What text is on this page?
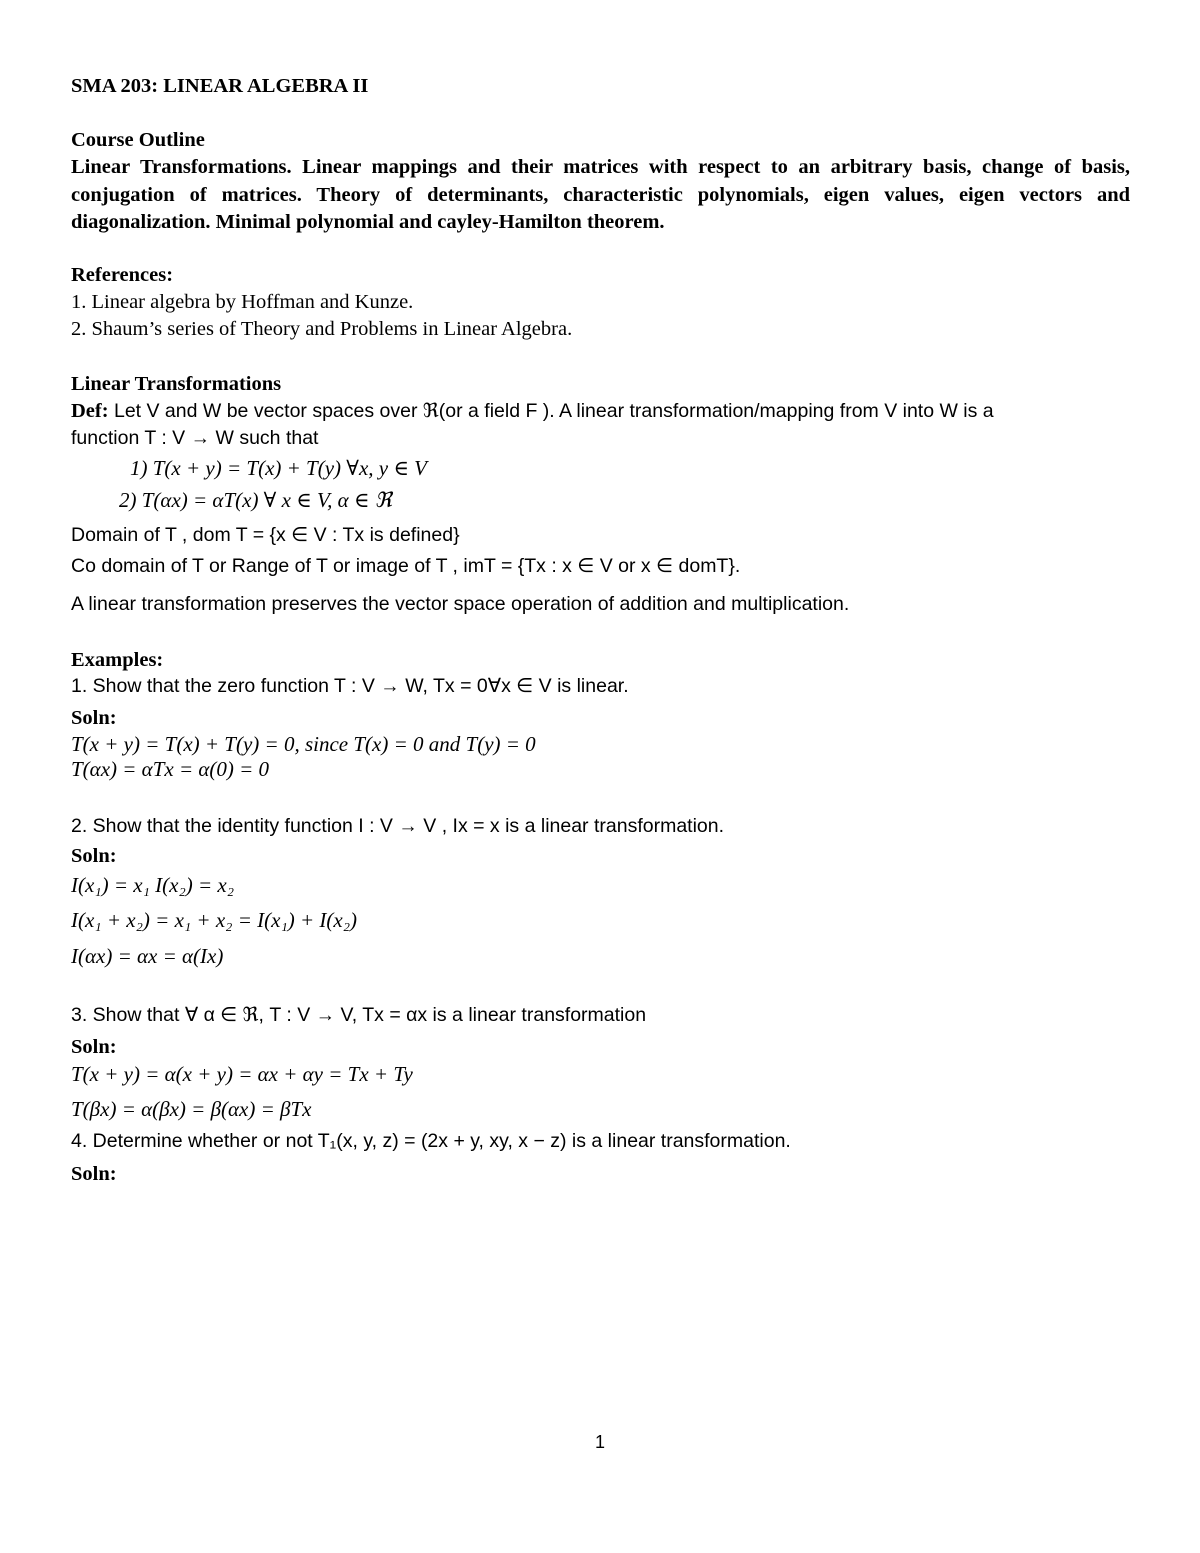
SMA 203: LINEAR ALGEBRA II
Course Outline
Linear Transformations. Linear mappings and their matrices with respect to an arbitrary basis, change of basis, conjugation of matrices. Theory of determinants, characteristic polynomials, eigen values, eigen vectors and diagonalization. Minimal polynomial and cayley-Hamilton theorem.
References:
1. Linear algebra by Hoffman and Kunze.
2. Shaum’s series of Theory and Problems in Linear Algebra.
Linear Transformations
Def: Let V and W be vector spaces over ℜ(or a field F ). A linear transformation/mapping from V into W is a
function T : V → W such that
1) T(x + y) = T(x) + T(y) ∀x, y ∈ V
2) T(αx) = αT(x) ∀ x ∈ V, α ∈ ℜ
Domain of T , dom T = {x ∈ V : Tx is defined}
Co domain of T or Range of T or image of T , imT = {Tx : x ∈ V or x ∈ domT}.
A linear transformation preserves the vector space operation of addition and multiplication.
Examples:
1. Show that the zero function T : V → W, Tx = 0∀x ∈ V is linear.
Soln:
T(x + y) = T(x) + T(y) = 0, since T(x) = 0 and T(y) = 0
T(αx) = αTx = α(0) = 0
2. Show that the identity function I : V → V , Ix = x is a linear transformation.
Soln:
I(x₁) = x₁ I(x₂) = x₂
I(x₁ + x₂) = x₁ + x₂ = I(x₁) + I(x₂)
I(αx) = αx = α(Ix)
3. Show that ∀ α ∈ ℜ, T : V → V, Tx = αx is a linear transformation
Soln:
T(x + y) = α(x + y) = αx + αy = Tx + Ty
T(βx) = α(βx) = β(αx) = βTx
4. Determine whether or not T₁(x, y, z) = (2x + y, xy, x − z) is a linear transformation.
Soln:
1
